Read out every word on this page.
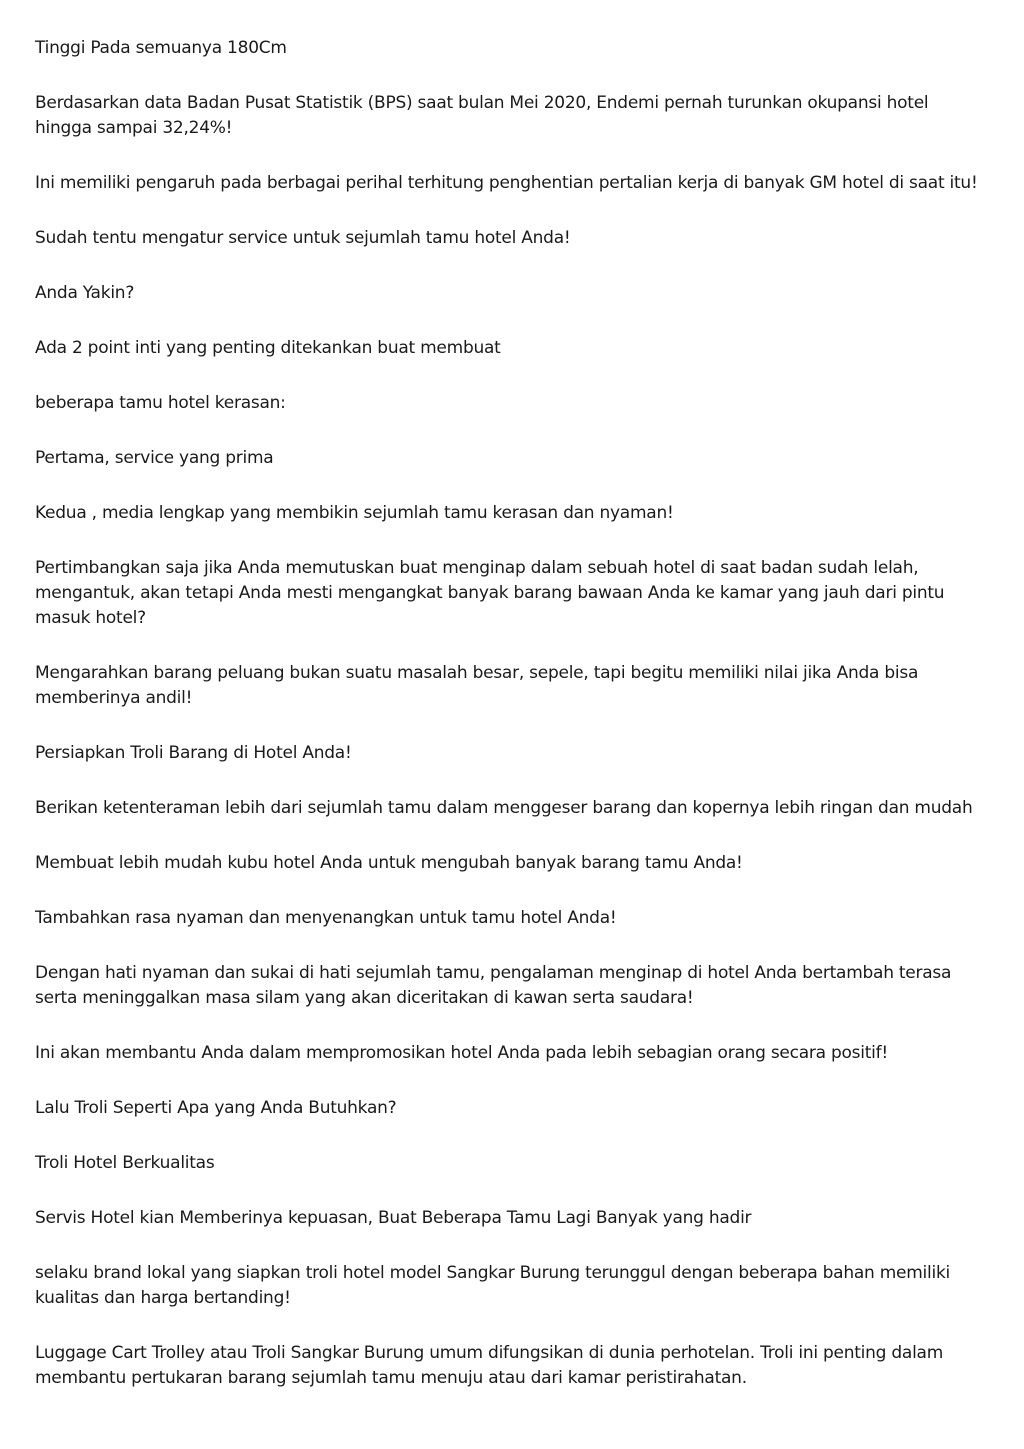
Tinggi Pada semuanya 180Cm

Berdasarkan data Badan Pusat Statistik (BPS) saat bulan Mei 2020, Endemi pernah turunkan okupansi hotel hingga sampai 32,24%!

Ini memiliki pengaruh pada berbagai perihal terhitung penghentian pertalian kerja di banyak GM hotel di saat itu!

Sudah tentu mengatur service untuk sejumlah tamu hotel Anda!

Anda Yakin?

Ada 2 point inti yang penting ditekankan buat membuat

beberapa tamu hotel kerasan:

Pertama, service yang prima

Kedua , media lengkap yang membikin sejumlah tamu kerasan dan nyaman!

Pertimbangkan saja jika Anda memutuskan buat menginap dalam sebuah hotel di saat badan sudah lelah, mengantuk, akan tetapi Anda mesti mengangkat banyak barang bawaan Anda ke kamar yang jauh dari pintu masuk hotel?

Mengarahkan barang peluang bukan suatu masalah besar, sepele, tapi begitu memiliki nilai jika Anda bisa memberinya andil!

Persiapkan Troli Barang di Hotel Anda!

Berikan ketenteraman lebih dari sejumlah tamu dalam menggeser barang dan kopernya lebih ringan dan mudah

Membuat lebih mudah kubu hotel Anda untuk mengubah banyak barang tamu Anda!

Tambahkan rasa nyaman dan menyenangkan untuk tamu hotel Anda!

Dengan hati nyaman dan sukai di hati sejumlah tamu, pengalaman menginap di hotel Anda bertambah terasa serta meninggalkan masa silam yang akan diceritakan di kawan serta saudara!

Ini akan membantu Anda dalam mempromosikan hotel Anda pada lebih sebagian orang secara positif!

Lalu Troli Seperti Apa yang Anda Butuhkan?

Troli Hotel Berkualitas

Servis Hotel kian Memberinya kepuasan, Buat Beberapa Tamu Lagi Banyak yang hadir

selaku brand lokal yang siapkan troli hotel model Sangkar Burung terunggul dengan beberapa bahan memiliki kualitas dan harga bertanding!

Luggage Cart Trolley atau Troli Sangkar Burung umum difungsikan di dunia perhotelan. Troli ini penting dalam membantu pertukaran barang sejumlah tamu menuju atau dari kamar peristirahatan.
